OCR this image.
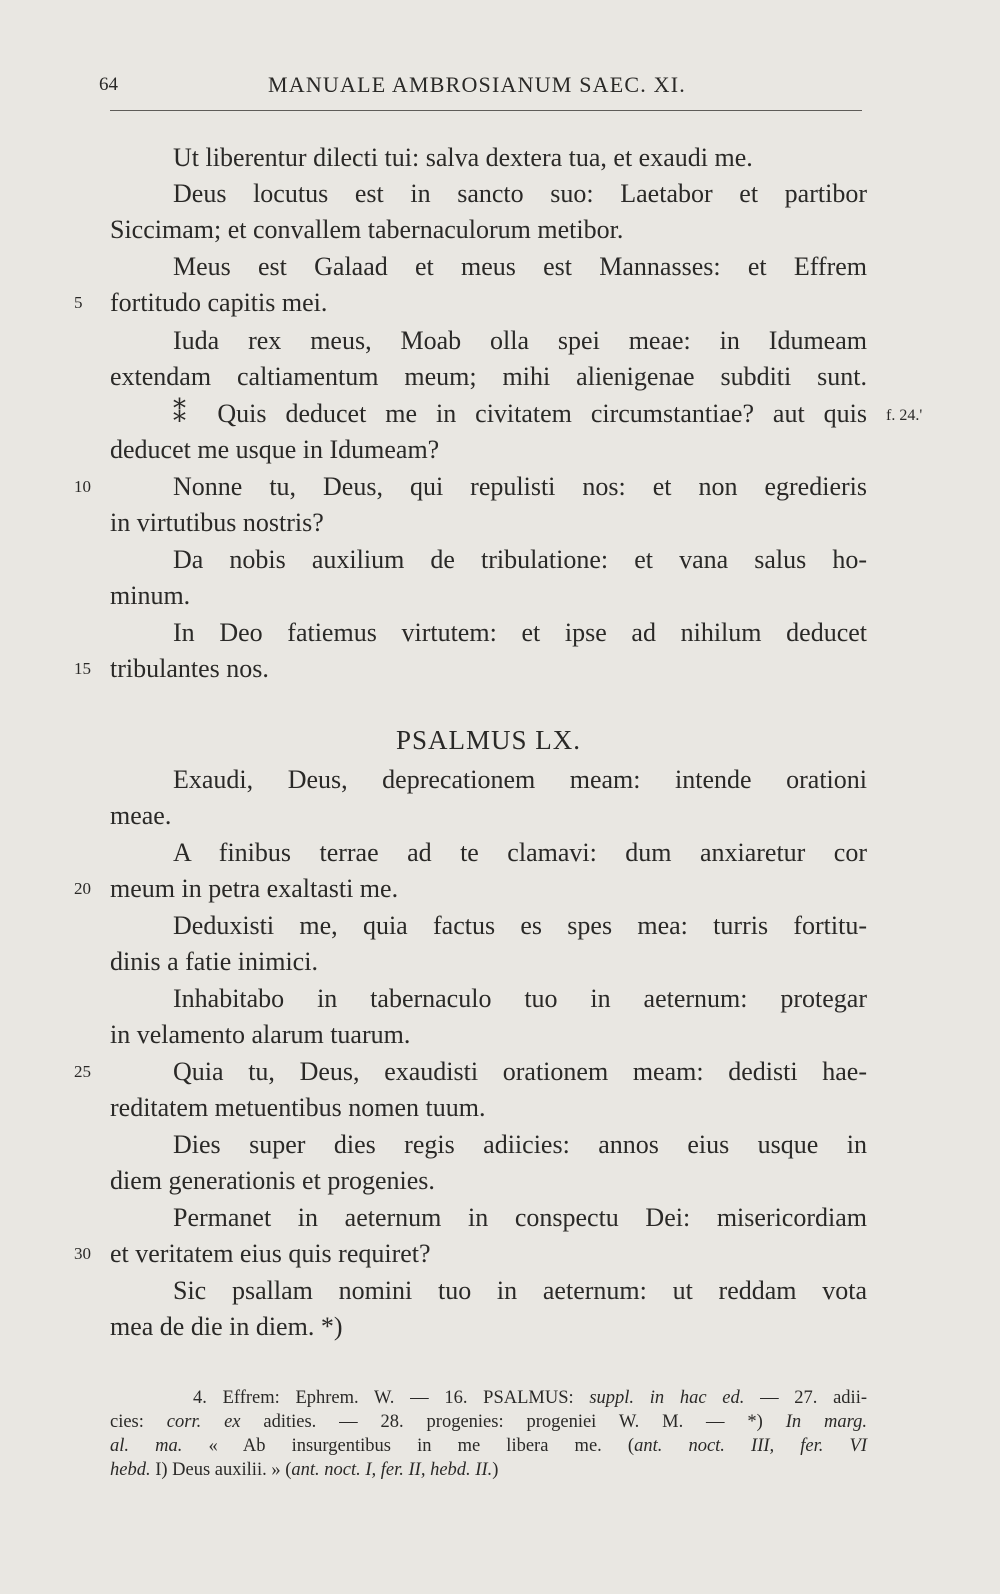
64	MANUALE AMBROSIANUM SAEC. XI.
Ut liberentur dilecti tui: salva dextera tua, et exaudi me.
Deus locutus est in sancto suo: Laetabor et partibor
Siccimam; et convallem tabernaculorum metibor.
Meus est Galaad et meus est Mannasses: et Effrem
fortitudo capitis mei.
Iuda rex meus, Moab olla spei meae: in Idumeam
extendam caltiamentum meum; mihi alienigenae subditi sunt.
⁑ Quis deducet me in civitatem circumstantiae? aut quis
deducet me usque in Idumeam?
Nonne tu, Deus, qui repulisti nos: et non egredieris
in virtutibus nostris?
Da nobis auxilium de tribulatione: et vana salus ho-
minum.
In Deo fatiemus virtutem: et ipse ad nihilum deducet
tribulantes nos.
PSALMUS LX.
Exaudi, Deus, deprecationem meam: intende orationi
meae.
A finibus terrae ad te clamavi: dum anxiaretur cor
meum in petra exaltasti me.
Deduxisti me, quia factus es spes mea: turris fortitu-
dinis a fatie inimici.
Inhabitabo in tabernaculo tuo in aeternum: protegar
in velamento alarum tuarum.
Quia tu, Deus, exaudisti orationem meam: dedisti hae-
reditatem metuentibus nomen tuum.
Dies super dies regis adiicies: annos eius usque in
diem generationis et progenies.
Permanet in aeternum in conspectu Dei: misericordiam
et veritatem eius quis requiret?
Sic psallam nomini tuo in aeternum: ut reddam vota
mea de die in diem. *)
5
10
15
20
25
30
f. 24.'
4. Effrem: Ephrem. W. — 16. PSALMUS: suppl. in hac ed. — 27. adii-
cies: corr. ex adities. — 28. progenies: progeniei W. M. — *) In marg.
al. ma. « Ab insurgentibus in me libera me. (ant. noct. III, fer. VI
hebd. I) Deus auxilii. » (ant. noct. I, fer. II, hebd. II.)
